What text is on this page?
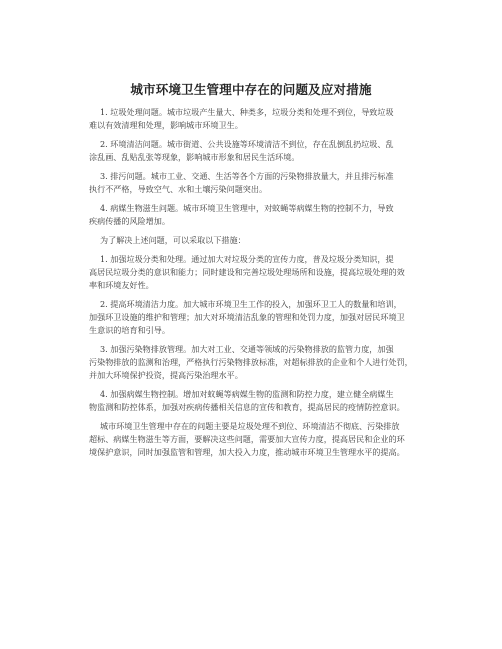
城市环境卫生管理中存在的问题及应对措施

1. 垃圾处理问题。城市垃圾产生量大、种类多，垃圾分类和处理不到位，导致垃圾
难以有效清理和处理，影响城市环境卫生。

2. 环境清洁问题。城市街道、公共设施等环境清洁不到位，存在乱倒乱扔垃圾、乱
涂乱画、乱贴乱张等现象，影响城市形象和居民生活环境。

3. 排污问题。城市工业、交通、生活等各个方面的污染物排放量大，并且排污标准
执行不严格，导致空气、水和土壤污染问题突出。

4. 病媒生物滋生问题。城市环境卫生管理中，对蚊蝇等病媒生物的控制不力，导致
疾病传播的风险增加。

为了解决上述问题，可以采取以下措施：

1. 加强垃圾分类和处理。通过加大对垃圾分类的宣传力度，普及垃圾分类知识，提
高居民垃圾分类的意识和能力；同时建设和完善垃圾处理场所和设施，提高垃圾处理的效
率和环境友好性。

2. 提高环境清洁力度。加大城市环境卫生工作的投入，加强环卫工人的数量和培训，
加强环卫设施的维护和管理；加大对环境清洁乱象的管理和处罚力度，加强对居民环境卫
生意识的培育和引导。

3. 加强污染物排放管理。加大对工业、交通等领域的污染物排放的监管力度，加强
污染物排放的监测和治理，严格执行污染物排放标准，对超标排放的企业和个人进行处罚，
并加大环境保护投资，提高污染治理水平。

4. 加强病媒生物控制。增加对蚊蝇等病媒生物的监测和防控力度，建立健全病媒生
物监测和防控体系，加强对疾病传播相关信息的宣传和教育，提高居民的疫情防控意识。

城市环境卫生管理中存在的问题主要是垃圾处理不到位、环境清洁不彻底、污染排放
超标、病媒生物滋生等方面，要解决这些问题，需要加大宣传力度，提高居民和企业的环
境保护意识，同时加强监管和管理，加大投入力度，推动城市环境卫生管理水平的提高。
